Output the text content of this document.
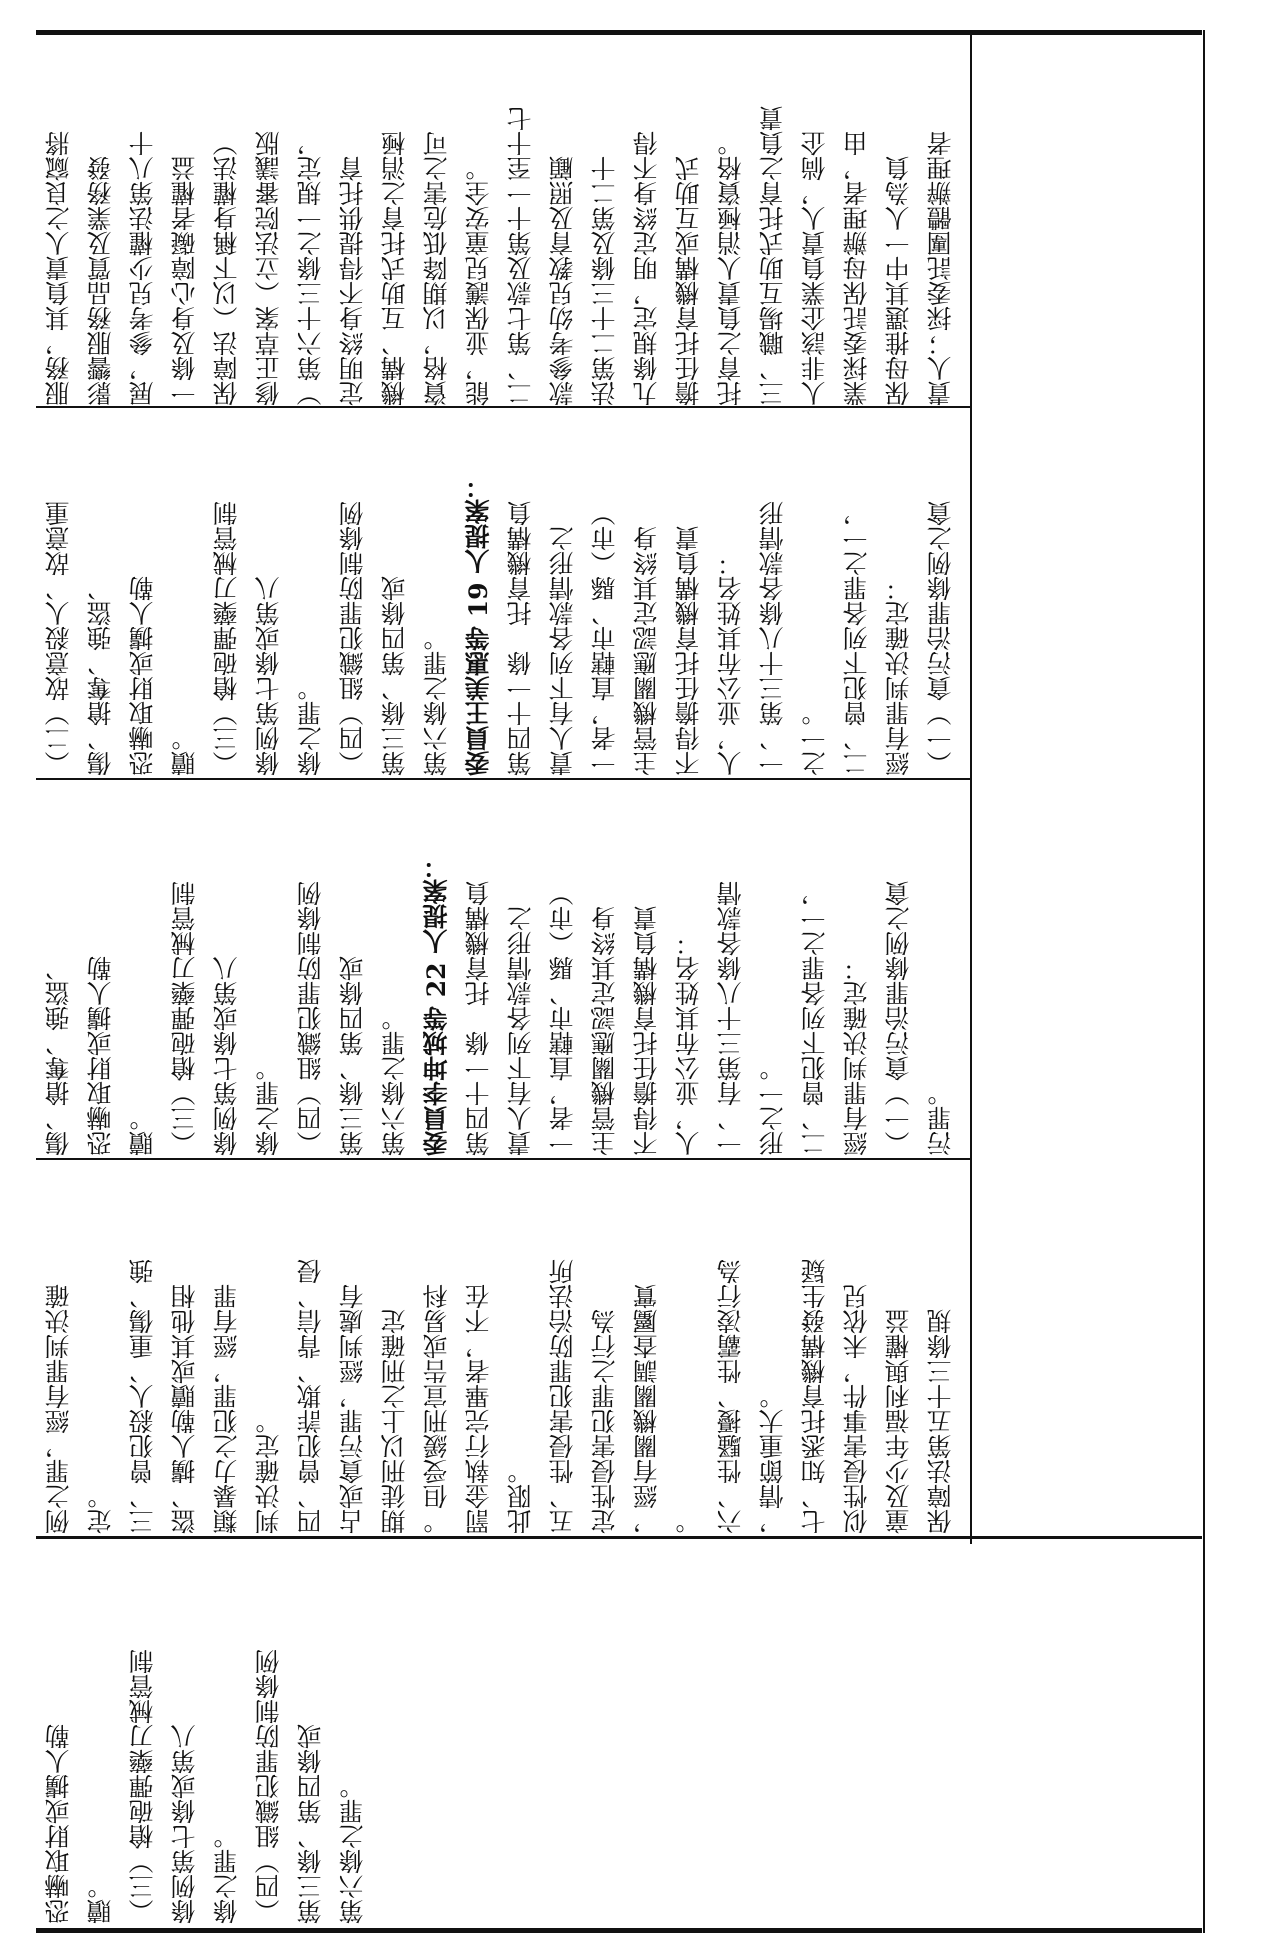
服務，其負責人之良窳將 影響服務品質及業務發 展，參考兒少權法第八十 一條及身心障礙者權益 保障法（以下稱身權法） 修正草案（立法院審議版 ）第六十三條之一規定， 定明終身不得提供托育 機構、互助式托育之消極 資格，以期降低危害之可 能，並保護兒童安全。 二、第七款及第十一至十七 款參考幼兒教育及照顧 法第二十三條及第二十 九條規定，明定終身不得 擔任托育機構或互助式 托育之負責人消極資格。 三、職場互助式托育之負責 人非該企業負責人，倘企 業採委託保母辦理者，由 保母推選其中一人為負 責人；採委託團體辦理者
（二）故意殺人、故意重 傷、搶奪、強盜、 恐嚇取財或擄人勒 贖。 （三）槍砲彈藥刀械管制 條例第七條或第八 條之罪。 （四）組織犯罪防制條例 第三條、第四條或 第六條之罪。 委員王美惠等 19 人提案： 第四十一條　托育機構負 責人有下列各款情形之 一者，直轄市、縣（市） 主管機關應認定其終身 不得擔任托育機構負責 人，並公布其姓名： 一、第三十八條各款情形 之一。 二、曾犯下列各罪之一， 經有罪判決確定： （一）貪污治罪條例之貪
傷、搶奪、強盜、 恐嚇取財或擄人勒 贖。 （三）槍砲彈藥刀械管制 條例第七條或第八 條之罪。 （四）組織犯罪防制條例 第三條、第四條或 第六條之罪。 委員李坤城等 22 人提案： 第四十一條　托育機構負 責人有下列各款情形之 一者，直轄市、縣（市） 主管機關應認定其終身 不得擔任托育機構負責 人，並公布其姓名： 一、有第三十八條各款情 形之一。 二、曾犯下列各罪之一， 經有罪判決確定： （一）貪污治罪條例之貪 污罪。
例之罪，經有罪判決確 定。 三、曾犯殺人、重傷、強 盜、擄人勒贖或其他相 類暴力之犯罪，經有罪 判決確定。 四、曾犯詐欺、背信、侵 占或貪污罪，經判處有 期徒刑以上之刑確定 。但受緩刑宣告或易科 罰金執行完畢者，不在 此限。 五、性侵害犯罪防治法所 定性侵害犯罪之行為 ，經有關機關調查屬實 。 六、性騷擾、性霸凌行為 ，情節重大。 七、知悉托育機構發生疑 似性侵害事件，未依兒 童及少年福利與權益 保障法第五十三條規
恐嚇取財或擄人勒 贖。 （三）槍砲彈藥刀械管制 條例第七條或第八 條之罪。 （四）組織犯罪防制條例 第三條、第四條或 第六條之罪。
